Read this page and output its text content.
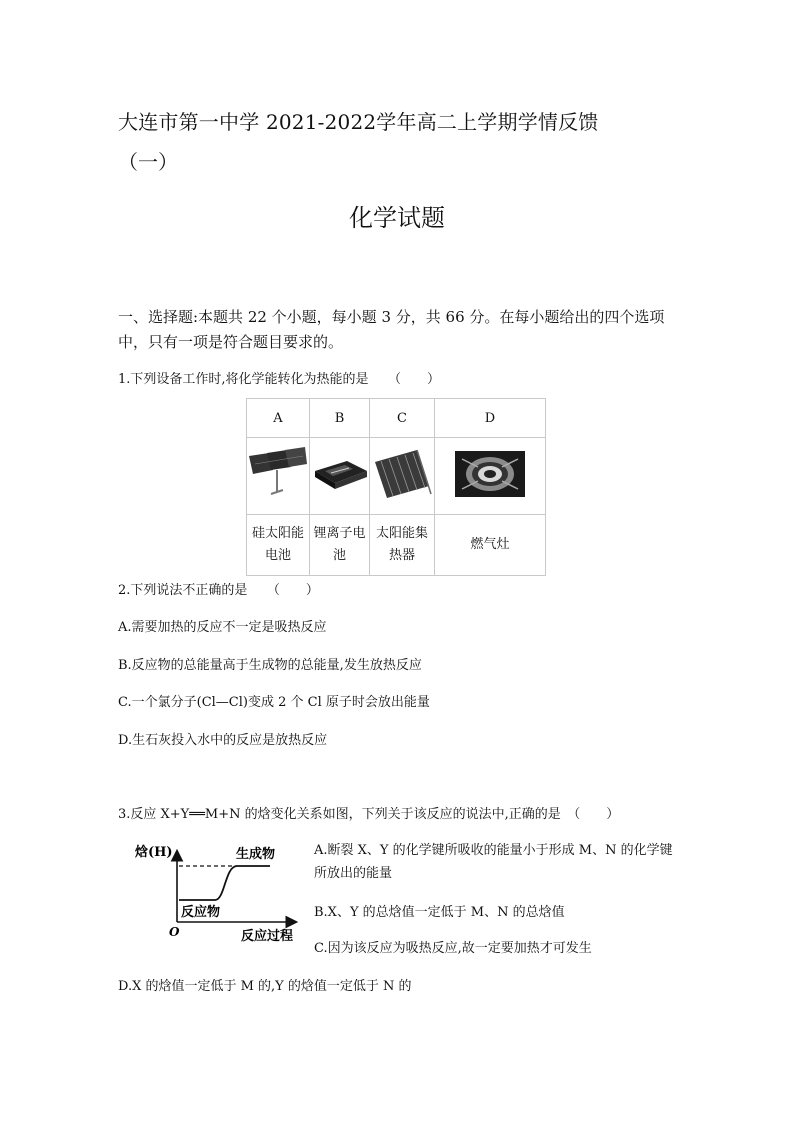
大连市第一中学 2021-2022学年高二上学期学情反馈
（一）
化学试题
一、选择题:本题共 22 个小题，每小题 3 分，共 66 分。在每小题给出的四个选项中，只有一项是符合题目要求的。
1.下列设备工作时,将化学能转化为热能的是　　（　　）
A	B	C	D

硅太阳能电池	锂离子电池	太阳能集热器	燃气灶
2.下列说法不正确的是　　（　　）
A.需要加热的反应不一定是吸热反应
B.反应物的总能量高于生成物的总能量,发生放热反应
C.一个氯分子(Cl—Cl)变成 2 个 Cl 原子时会放出能量
D.生石灰投入水中的反应是放热反应
3.反应 X+Y══M+N 的焓变化关系如图，下列关于该反应的说法中,正确的是　（　　）
焓(H)	生成物
反应物
O	反应过程
A.断裂 X、Y 的化学键所吸收的能量小于形成 M、N 的化学键所放出的能量
B.X、Y 的总焓值一定低于 M、N 的总焓值
C.因为该反应为吸热反应,故一定要加热才可发生
D.X 的焓值一定低于 M 的,Y 的焓值一定低于 N 的
